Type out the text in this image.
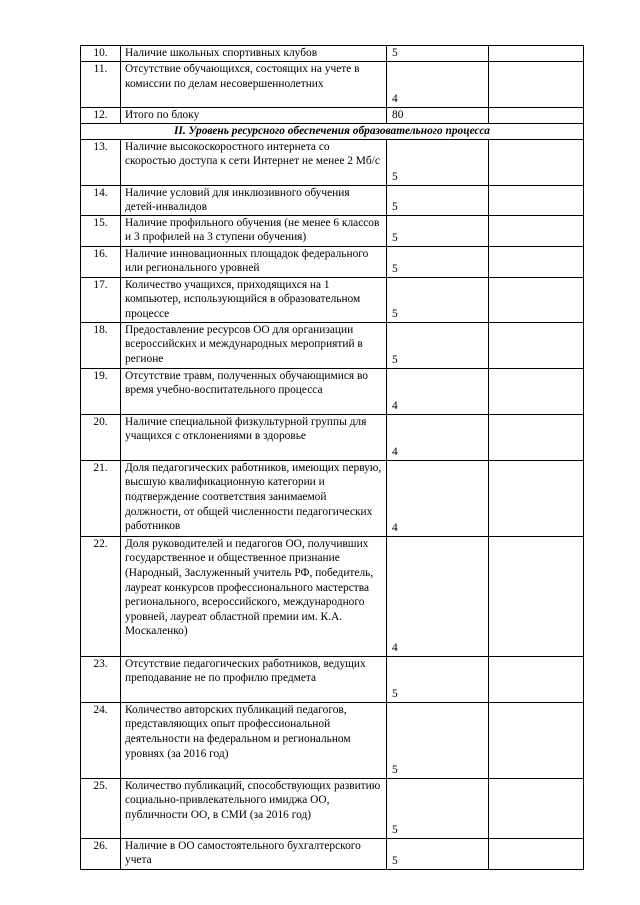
10.	Наличие школьных спортивных клубов	5	
11.	Отсутствие обучающихся, состоящих на учете в комиссии по делам несовершеннолетних	4	
12.	Итого по блоку	80	
II. Уровень ресурсного обеспечения образовательного процесса			
13.	Наличие высокоскоростного интернета со скоростью доступа к сети Интернет не менее 2 Мб/с	5	
14.	Наличие условий для инклюзивного обучения детей-инвалидов	5	
15.	Наличие профильного обучения (не менее 6 классов и 3 профилей на 3 ступени обучения)	5	
16.	Наличие инновационных площадок федерального или регионального уровней	5	
17.	Количество учащихся, приходящихся на 1 компьютер, использующийся в образовательном процессе	5	
18.	Предоставление ресурсов ОО для организации всероссийских и международных мероприятий в регионе	5	
19.	Отсутствие травм, полученных обучающимися во время учебно-воспитательного процесса	4	
20.	Наличие специальной физкультурной группы для учащихся с отклонениями в здоровье	4	
21.	Доля педагогических работников, имеющих первую, высшую квалификационную категории и подтверждение соответствия занимаемой должности, от общей численности педагогических работников	4	
22.	Доля руководителей и педагогов ОО, получивших государственное и общественное признание (Народный, Заслуженный учитель РФ, победитель, лауреат конкурсов профессионального мастерства регионального, всероссийского, международного уровней, лауреат областной премии им. К.А. Москаленко)	4	
23.	Отсутствие педагогических работников, ведущих преподавание не по профилю предмета	5	
24.	Количество авторских публикаций педагогов, представляющих опыт профессиональной деятельности на федеральном и региональном уровнях (за 2016 год)	5	
25.	Количество публикаций, способствующих развитию социально-привлекательного имиджа ОО, публичности ОО, в СМИ (за 2016 год)	5	
26.	Наличие в ОО самостоятельного бухгалтерского учета	5	
